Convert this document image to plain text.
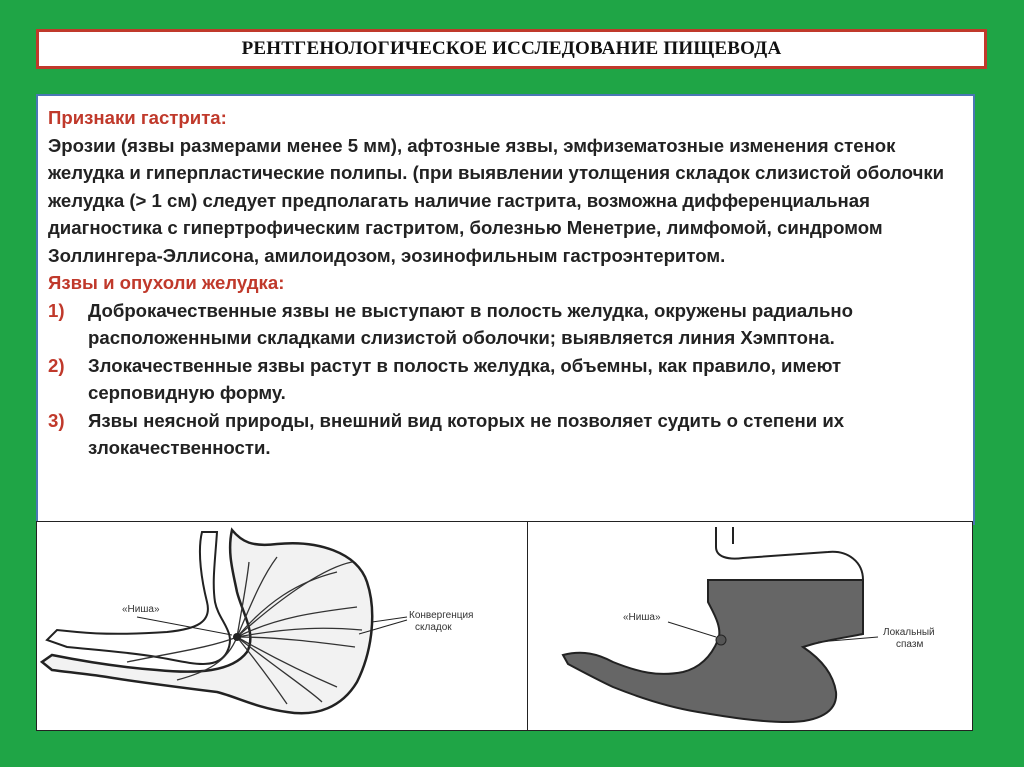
РЕНТГЕНОЛОГИЧЕСКОЕ ИССЛЕДОВАНИЕ ПИЩЕВОДА

Признаки гастрита:

Эрозии (язвы размерами менее 5 мм), афтозные язвы, эмфизематозные изменения стенок желудка и гиперпластические полипы. (при выявлении утолщения складок слизистой оболочки желудка (> 1 см) следует предполагать наличие гастрита, возможна дифференциальная диагностика с гипертрофическим гастритом, болезнью Менетрие, лимфомой, синдромом Золлингера-Эллисона, амилоидозом, эозинофильным гастроэнтеритом.

Язвы и опухоли желудка:

1)	Доброкачественные язвы не выступают в полость желудка, окружены радиально расположенными складками слизистой оболочки; выявляется линия Хэмптона.
2)	Злокачественные язвы растут в полость желудка, объемны, как правило, имеют серповидную форму.
3)	Язвы неясной природы, внешний вид которых не позволяет судить о степени их злокачественности.
«Ниша»
Конвергенция
складок
«Ниша»
Локальный
спазм
